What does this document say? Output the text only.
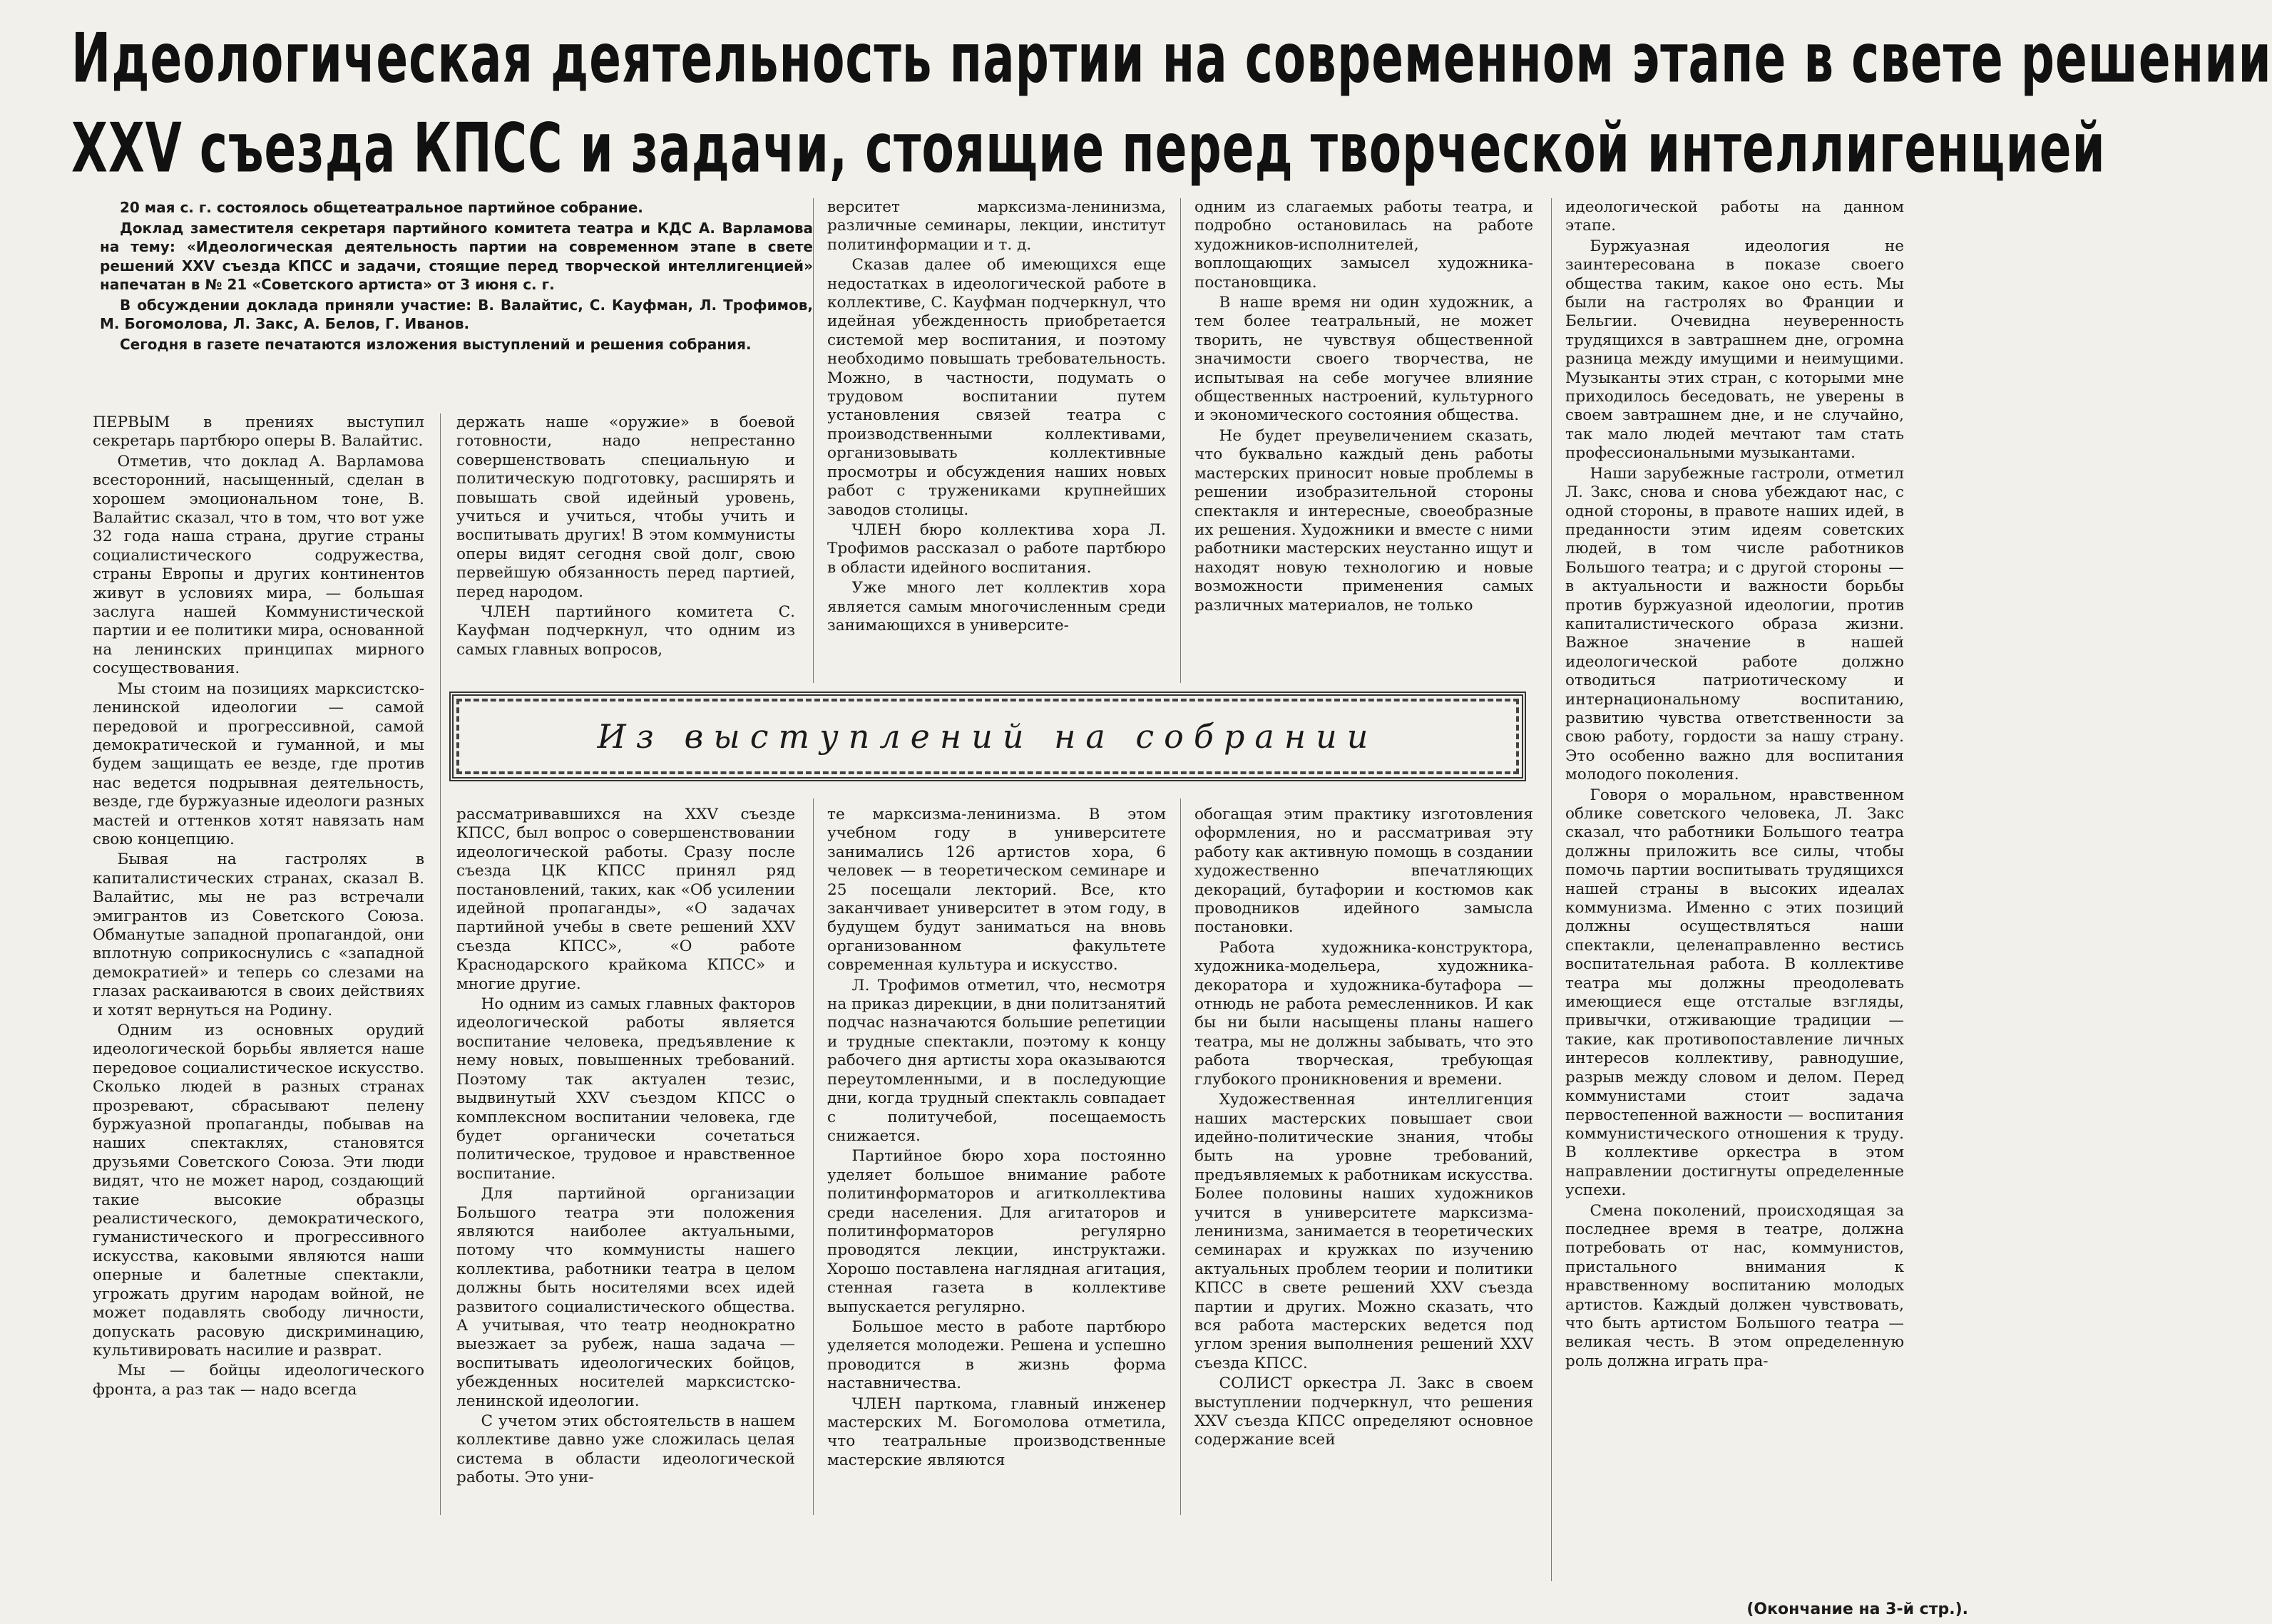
Идеологическая деятельность партии на современном этапе в свете решении
XXV съезда КПСС и задачи, стоящие перед творческой интеллигенцией

20 мая с. г. состоялось общетеатральное партийное собрание.

Доклад заместителя секретаря партийного комитета театра и КДС А. Варламова на тему: «Идеологическая деятельность партии на современном этапе в свете решений XXV съезда КПСС и задачи, стоящие перед творческой интеллигенцией» напечатан в № 21 «Советского артиста» от 3 июня с. г.

В обсуждении доклада приняли участие: В. Валайтис, С. Кауфман, Л. Трофимов, М. Богомолова, Л. Закс, А. Белов, Г. Иванов.

Сегодня в газете печатаются изложения выступлений и решения собрания.

ПЕРВЫМ в прениях выступил секретарь партбюро оперы В. Валайтис.

Отметив, что доклад А. Варламова всесторонний, насыщенный, сделан в хорошем эмоциональном тоне, В. Валайтис сказал, что в том, что вот уже 32 года наша страна, другие страны социалистического содружества, страны Европы и других континентов живут в условиях мира, — большая заслуга нашей Коммунистической партии и ее политики мира, основанной на ленинских принципах мирного сосуществования.

Мы стоим на позициях марксистско-ленинской идеологии — самой передовой и прогрессивной, самой демократической и гуманной, и мы будем защищать ее везде, где против нас ведется подрывная деятельность, везде, где буржуазные идеологи разных мастей и оттенков хотят навязать нам свою концепцию.

Бывая на гастролях в капиталистических странах, сказал В. Валайтис, мы не раз встречали эмигрантов из Советского Союза. Обманутые западной пропагандой, они вплотную соприкоснулись с «западной демократией» и теперь со слезами на глазах раскаиваются в своих действиях и хотят вернуться на Родину.

Одним из основных орудий идеологической борьбы является наше передовое социалистическое искусство. Сколько людей в разных странах прозревают, сбрасывают пелену буржуазной пропаганды, побывав на наших спектаклях, становятся друзьями Советского Союза. Эти люди видят, что не может народ, создающий такие высокие образцы реалистического, демократического, гуманистического и прогрессивного искусства, каковыми являются наши оперные и балетные спектакли, угрожать другим народам войной, не может подавлять свободу личности, допускать расовую дискриминацию, культивировать насилие и разврат.

Мы — бойцы идеологического фронта, а раз так — надо всегда

держать наше «оружие» в боевой готовности, надо непрестанно совершенствовать специальную и политическую подготовку, расширять и повышать свой идейный уровень, учиться и учиться, чтобы учить и воспитывать других! В этом коммунисты оперы видят сегодня свой долг, свою первейшую обязанность перед партией, перед народом.

ЧЛЕН партийного комитета С. Кауфман подчеркнул, что одним из самых главных вопросов,

верситет марксизма-ленинизма, различные семинары, лекции, институт политинформации и т. д.

Сказав далее об имеющихся еще недостатках в идеологической работе в коллективе, С. Кауфман подчеркнул, что идейная убежденность приобретается системой мер воспитания, и поэтому необходимо повышать требовательность. Можно, в частности, подумать о трудовом воспитании путем установления связей театра с производственными коллективами, организовывать коллективные просмотры и обсуждения наших новых работ с тружениками крупнейших заводов столицы.

ЧЛЕН бюро коллектива хора Л. Трофимов рассказал о работе партбюро в области идейного воспитания.

Уже много лет коллектив хора является самым многочисленным среди занимающихся в университе-

одним из слагаемых работы театра, и подробно остановилась на работе художников-исполнителей, воплощающих замысел художника-постановщика.

В наше время ни один художник, а тем более театральный, не может творить, не чувствуя общественной значимости своего творчества, не испытывая на себе могучее влияние общественных настроений, культурного и экономического состояния общества.

Не будет преувеличением сказать, что буквально каждый день работы мастерских приносит новые проблемы в решении изобразительной стороны спектакля и интересные, своеобразные их решения. Художники и вместе с ними работники мастерских неустанно ищут и находят новую технологию и новые возможности применения самых различных материалов, не только

Из выступлений на собрании

рассматривавшихся на XXV съезде КПСС, был вопрос о совершенствовании идеологической работы. Сразу после съезда ЦК КПСС принял ряд постановлений, таких, как «Об усилении идейной пропаганды», «О задачах партийной учебы в свете решений XXV съезда КПСС», «О работе Краснодарского крайкома КПСС» и многие другие.

Но одним из самых главных факторов идеологической работы является воспитание человека, предъявление к нему новых, повышенных требований. Поэтому так актуален тезис, выдвинутый XXV съездом КПСС о комплексном воспитании человека, где будет органически сочетаться политическое, трудовое и нравственное воспитание.

Для партийной организации Большого театра эти положения являются наиболее актуальными, потому что коммунисты нашего коллектива, работники театра в целом должны быть носителями всех идей развитого социалистического общества. А учитывая, что театр неоднократно выезжает за рубеж, наша задача — воспитывать идеологических бойцов, убежденных носителей марксистско-ленинской идеологии.

С учетом этих обстоятельств в нашем коллективе давно уже сложилась целая система в области идеологической работы. Это уни-

те марксизма-ленинизма. В этом учебном году в университете занимались 126 артистов хора, 6 человек — в теоретическом семинаре и 25 посещали лекторий. Все, кто заканчивает университет в этом году, в будущем будут заниматься на вновь организованном факультете современная культура и искусство.

Л. Трофимов отметил, что, несмотря на приказ дирекции, в дни политзанятий подчас назначаются большие репетиции и трудные спектакли, поэтому к концу рабочего дня артисты хора оказываются переутомленными, и в последующие дни, когда трудный спектакль совпадает с политучебой, посещаемость снижается.

Партийное бюро хора постоянно уделяет большое внимание работе политинформаторов и агитколлектива среди населения. Для агитаторов и политинформаторов регулярно проводятся лекции, инструктажи. Хорошо поставлена наглядная агитация, стенная газета в коллективе выпускается регулярно.

Большое место в работе партбюро уделяется молодежи. Решена и успешно проводится в жизнь форма наставничества.

ЧЛЕН парткома, главный инженер мастерских М. Богомолова отметила, что театральные производственные мастерские являются

обогащая этим практику изготовления оформления, но и рассматривая эту работу как активную помощь в создании художественно впечатляющих декораций, бутафории и костюмов как проводников идейного замысла постановки.

Работа художника-конструктора, художника-модельера, художника-декоратора и художника-бутафора — отнюдь не работа ремесленников. И как бы ни были насыщены планы нашего театра, мы не должны забывать, что это работа творческая, требующая глубокого проникновения и времени.

Художественная интеллигенция наших мастерских повышает свои идейно-политические знания, чтобы быть на уровне требований, предъявляемых к работникам искусства. Более половины наших художников учится в университете марксизма-ленинизма, занимается в теоретических семинарах и кружках по изучению актуальных проблем теории и политики КПСС в свете решений XXV съезда партии и других. Можно сказать, что вся работа мастерских ведется под углом зрения выполнения решений XXV съезда КПСС.

СОЛИСТ оркестра Л. Закс в своем выступлении подчеркнул, что решения XXV съезда КПСС определяют основное содержание всей

идеологической работы на данном этапе.

Буржуазная идеология не заинтересована в показе своего общества таким, какое оно есть. Мы были на гастролях во Франции и Бельгии. Очевидна неуверенность трудящихся в завтрашнем дне, огромна разница между имущими и неимущими. Музыканты этих стран, с которыми мне приходилось беседовать, не уверены в своем завтрашнем дне, и не случайно, так мало людей мечтают там стать профессиональными музыкантами.

Наши зарубежные гастроли, отметил Л. Закс, снова и снова убеждают нас, с одной стороны, в правоте наших идей, в преданности этим идеям советских людей, в том числе работников Большого театра; и с другой стороны — в актуальности и важности борьбы против буржуазной идеологии, против капиталистического образа жизни. Важное значение в нашей идеологической работе должно отводиться патриотическому и интернациональному воспитанию, развитию чувства ответственности за свою работу, гордости за нашу страну. Это особенно важно для воспитания молодого поколения.

Говоря о моральном, нравственном облике советского человека, Л. Закс сказал, что работники Большого театра должны приложить все силы, чтобы помочь партии воспитывать трудящихся нашей страны в высоких идеалах коммунизма. Именно с этих позиций должны осуществляться наши спектакли, целенаправленно вестись воспитательная работа. В коллективе театра мы должны преодолевать имеющиеся еще отсталые взгляды, привычки, отживающие традиции — такие, как противопоставление личных интересов коллективу, равнодушие, разрыв между словом и делом. Перед коммунистами стоит задача первостепенной важности — воспитания коммунистического отношения к труду. В коллективе оркестра в этом направлении достигнуты определенные успехи.

Смена поколений, происходящая за последнее время в театре, должна потребовать от нас, коммунистов, пристального внимания к нравственному воспитанию молодых артистов. Каждый должен чувствовать, что быть артистом Большого театра — великая честь. В этом определенную роль должна играть пра-

(Окончание на 3-й стр.).
